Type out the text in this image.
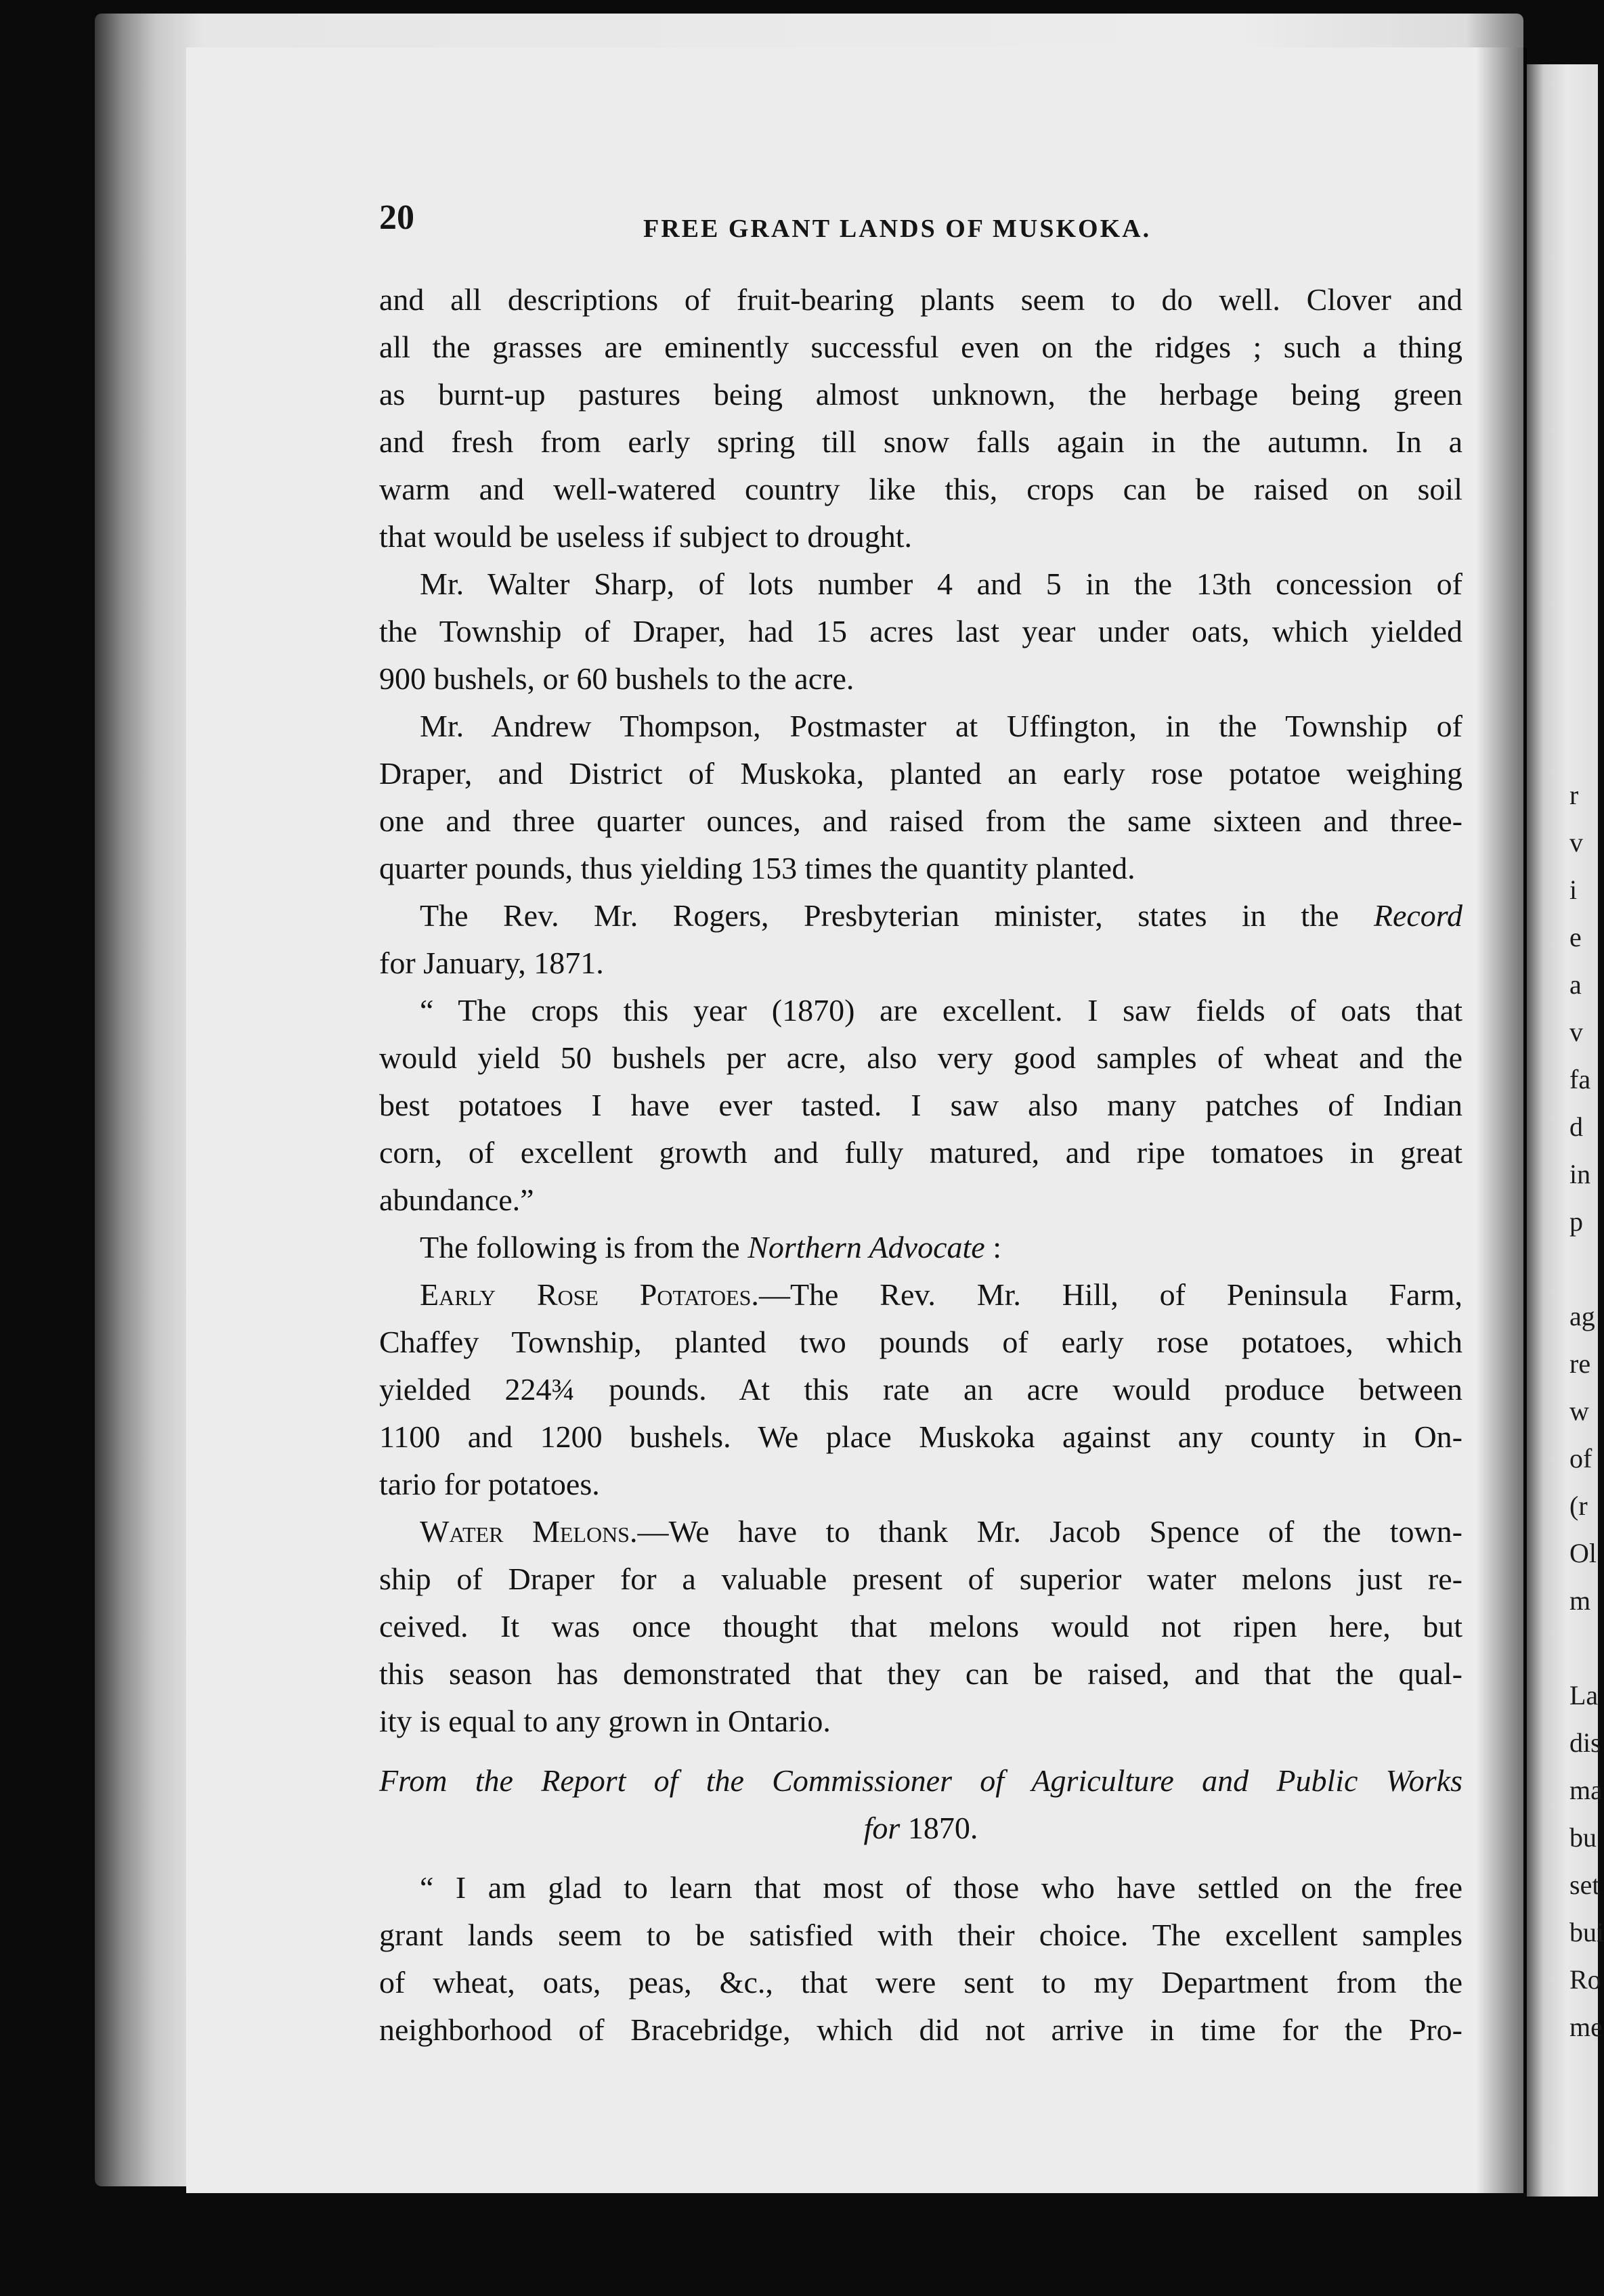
r
v
i
e
a
v
fa
d
in
p
ag
re
w
of
(r
Ol
m
La
dis
ma
bu
set
bui
Ro
me
20	FREE GRANT LANDS OF MUSKOKA.
and all descriptions of fruit-bearing plants seem to do well. Clover and
all the grasses are eminently successful even on the ridges ; such a thing
as burnt-up pastures being almost unknown, the herbage being green
and fresh from early spring till snow falls again in the autumn. In a
warm and well-watered country like this, crops can be raised on soil
that would be useless if subject to drought.
Mr. Walter Sharp, of lots number 4 and 5 in the 13th concession of
the Township of Draper, had 15 acres last year under oats, which yielded
900 bushels, or 60 bushels to the acre.
Mr. Andrew Thompson, Postmaster at Uffington, in the Township of
Draper, and District of Muskoka, planted an early rose potatoe weighing
one and three quarter ounces, and raised from the same sixteen and three-
quarter pounds, thus yielding 153 times the quantity planted.
The Rev. Mr. Rogers, Presbyterian minister, states in the Record
for January, 1871.
“ The crops this year (1870) are excellent. I saw fields of oats that
would yield 50 bushels per acre, also very good samples of wheat and the
best potatoes I have ever tasted. I saw also many patches of Indian
corn, of excellent growth and fully matured, and ripe tomatoes in great
abundance.”
The following is from the Northern Advocate :
Early Rose Potatoes.—The Rev. Mr. Hill, of Peninsula Farm,
Chaffey Township, planted two pounds of early rose potatoes, which
yielded 224¾ pounds. At this rate an acre would produce between
1100 and 1200 bushels. We place Muskoka against any county in On-
tario for potatoes.
Water Melons.—We have to thank Mr. Jacob Spence of the town-
ship of Draper for a valuable present of superior water melons just re-
ceived. It was once thought that melons would not ripen here, but
this season has demonstrated that they can be raised, and that the qual-
ity is equal to any grown in Ontario.
From the Report of the Commissioner of Agriculture and Public Works
for 1870.
“ I am glad to learn that most of those who have settled on the free
grant lands seem to be satisfied with their choice. The excellent samples
of wheat, oats, peas, &c., that were sent to my Department from the
neighborhood of Bracebridge, which did not arrive in time for the Pro-
